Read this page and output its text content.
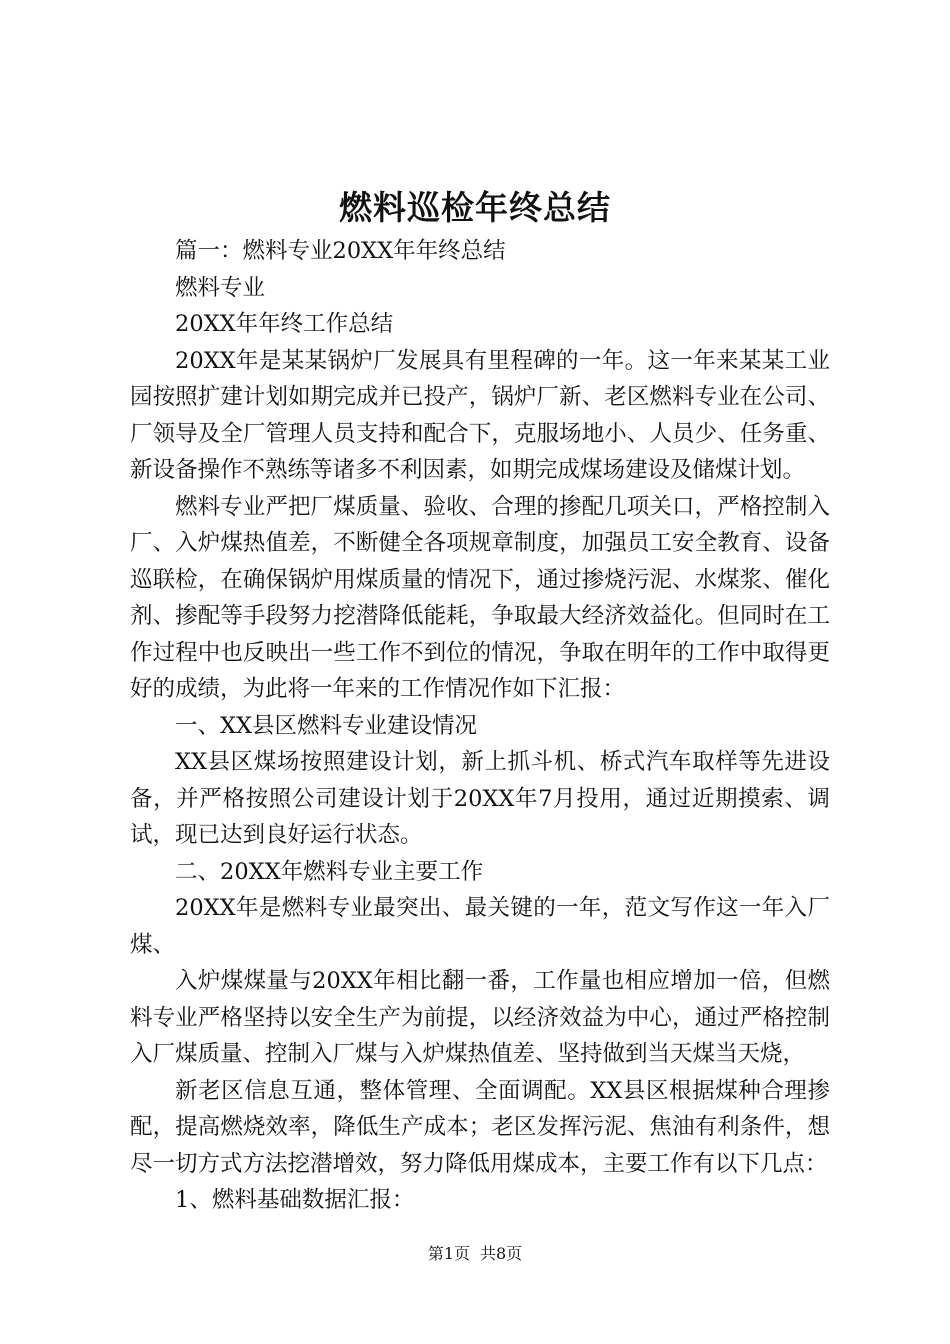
燃料巡检年终总结

篇一：燃料专业20XX年年终总结

燃料专业

20XX年年终工作总结

20XX年是某某锅炉厂发展具有里程碑的一年。这一年来某某工业园按照扩建计划如期完成并已投产，锅炉厂新、老区燃料专业在公司、厂领导及全厂管理人员支持和配合下，克服场地小、人员少、任务重、新设备操作不熟练等诸多不利因素，如期完成煤场建设及储煤计划。

燃料专业严把厂煤质量、验收、合理的掺配几项关口，严格控制入厂、入炉煤热值差，不断健全各项规章制度，加强员工安全教育、设备巡联检，在确保锅炉用煤质量的情况下，通过掺烧污泥、水煤浆、催化剂、掺配等手段努力挖潜降低能耗，争取最大经济效益化。但同时在工作过程中也反映出一些工作不到位的情况，争取在明年的工作中取得更好的成绩，为此将一年来的工作情况作如下汇报：

一、XX县区燃料专业建设情况

XX县区煤场按照建设计划，新上抓斗机、桥式汽车取样等先进设备，并严格按照公司建设计划于20XX年7月投用，通过近期摸索、调试，现已达到良好运行状态。

二、20XX年燃料专业主要工作

20XX年是燃料专业最突出、最关键的一年，范文写作这一年入厂煤、

入炉煤煤量与20XX年相比翻一番，工作量也相应增加一倍，但燃料专业严格坚持以安全生产为前提，以经济效益为中心，通过严格控制入厂煤质量、控制入厂煤与入炉煤热值差、坚持做到当天煤当天烧，

新老区信息互通，整体管理、全面调配。XX县区根据煤种合理掺配，提高燃烧效率，降低生产成本；老区发挥污泥、焦油有利条件，想尽一切方式方法挖潜增效，努力降低用煤成本，主要工作有以下几点：

1、燃料基础数据汇报：

第1页 共8页
